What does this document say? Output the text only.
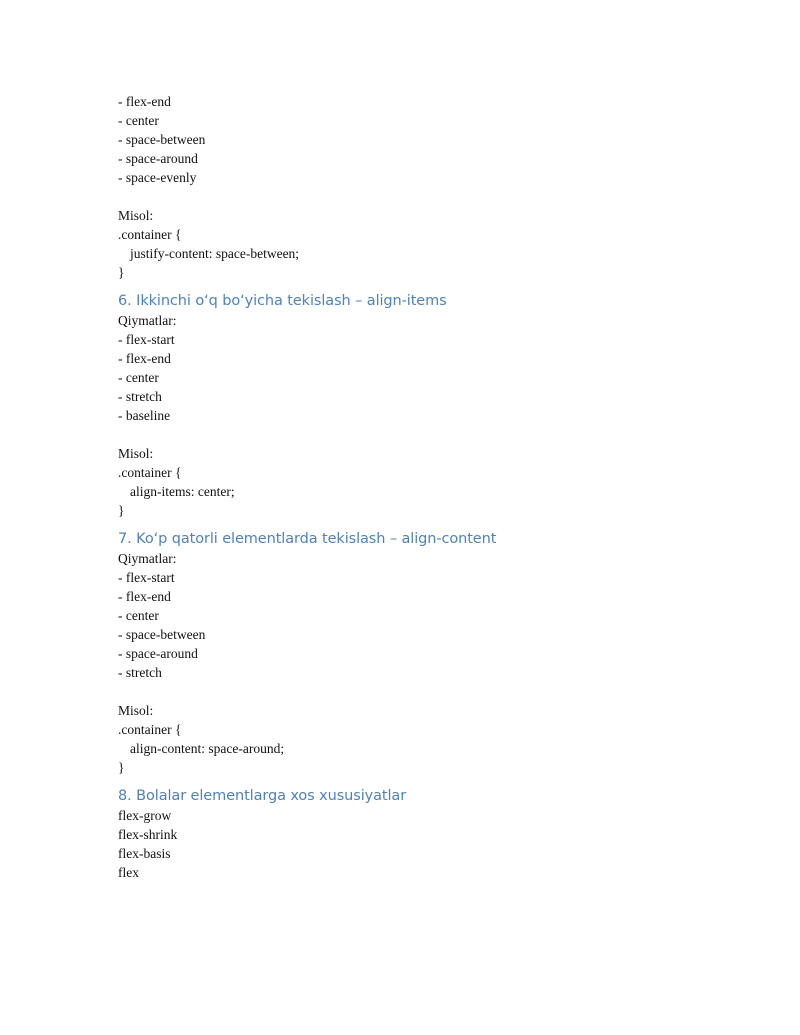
- flex-end
- center
- space-between
- space-around
- space-evenly
Misol:
.container {
justify-content: space-between;
}
6. Ikkinchi o‘q bo‘yicha tekislash – align-items
Qiymatlar:
- flex-start
- flex-end
- center
- stretch
- baseline
Misol:
.container {
align-items: center;
}
7. Ko‘p qatorli elementlarda tekislash – align-content
Qiymatlar:
- flex-start
- flex-end
- center
- space-between
- space-around
- stretch
Misol:
.container {
align-content: space-around;
}
8. Bolalar elementlarga xos xususiyatlar
flex-grow
flex-shrink
flex-basis
flex
